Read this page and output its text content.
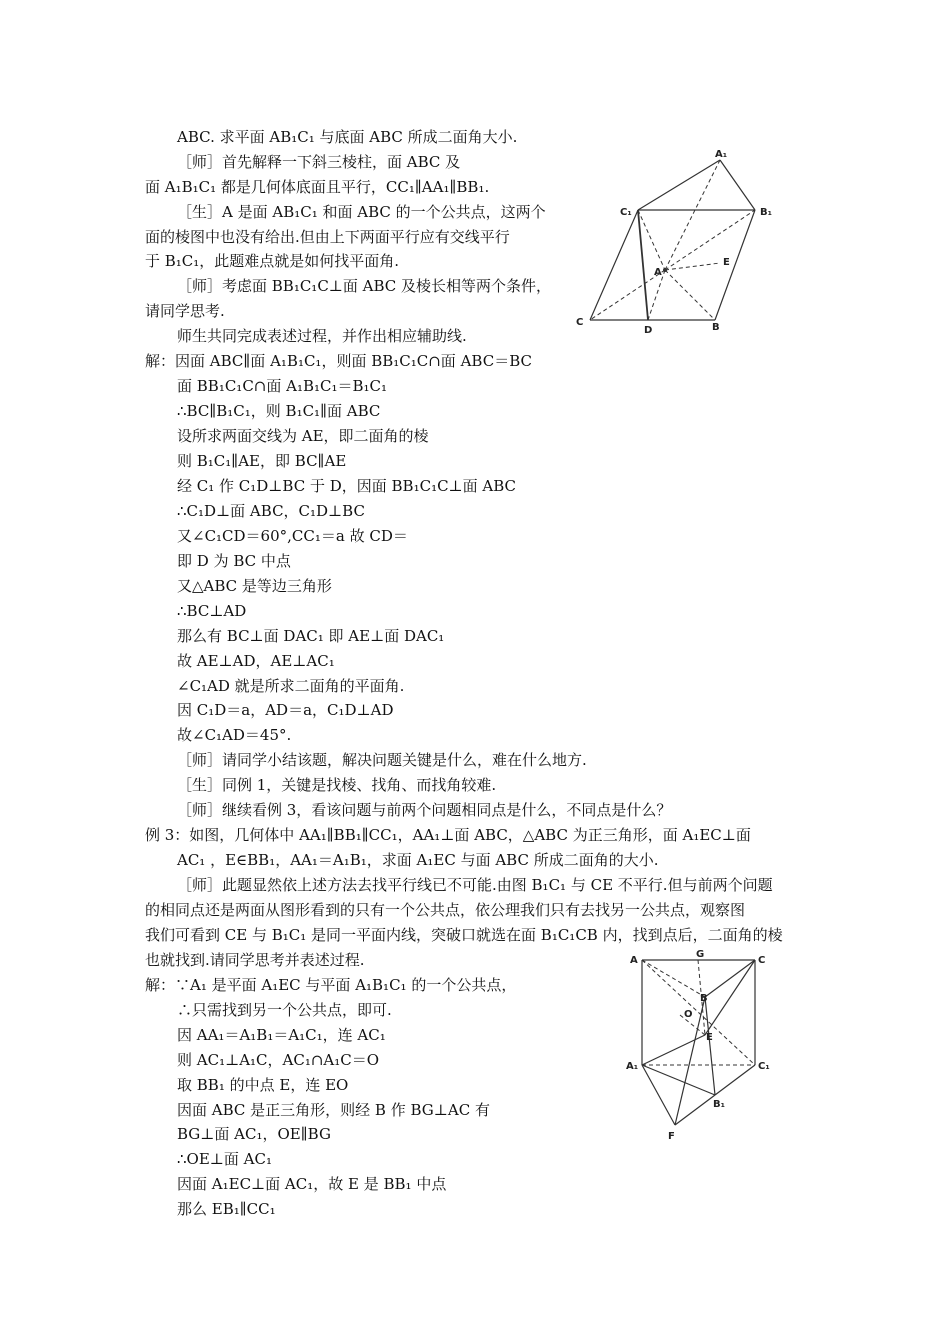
ABC. 求平面 AB₁C₁ 与底面 ABC 所成二面角大小.
［师］首先解释一下斜三棱柱，面 ABC 及
面 A₁B₁C₁ 都是几何体底面且平行，CC₁∥AA₁∥BB₁.
［生］A 是面 AB₁C₁ 和面 ABC 的一个公共点，这两个
面的棱图中也没有给出.但由上下两面平行应有交线平行
于 B₁C₁，此题难点就是如何找平面角.
［师］考虑面 BB₁C₁C⊥面 ABC 及棱长相等两个条件，
请同学思考.
师生共同完成表述过程，并作出相应辅助线.
解：因面 ABC∥面 A₁B₁C₁，则面 BB₁C₁C∩面 ABC＝BC
面 BB₁C₁C∩面 A₁B₁C₁＝B₁C₁
∴BC∥B₁C₁，则 B₁C₁∥面 ABC
设所求两面交线为 AE，即二面角的棱
则 B₁C₁∥AE，即 BC∥AE
经 C₁ 作 C₁D⊥BC 于 D，因面 BB₁C₁C⊥面 ABC
∴C₁D⊥面 ABC，C₁D⊥BC
又∠C₁CD＝60°,CC₁＝a 故 CD＝
即 D 为 BC 中点
又△ABC 是等边三角形
∴BC⊥AD
那么有 BC⊥面 DAC₁ 即 AE⊥面 DAC₁
故 AE⊥AD，AE⊥AC₁
∠C₁AD 就是所求二面角的平面角.
因 C₁D＝a，AD＝a，C₁D⊥AD
故∠C₁AD＝45°.
［师］请同学小结该题，解决问题关键是什么，难在什么地方.
［生］同例 1，关键是找棱、找角、而找角较难.
［师］继续看例 3，看该问题与前两个问题相同点是什么，不同点是什么？
例 3：如图，几何体中 AA₁∥BB₁∥CC₁，AA₁⊥面 ABC，△ABC 为正三角形，面 A₁EC⊥面
AC₁ ，E∈BB₁，AA₁＝A₁B₁，求面 A₁EC 与面 ABC 所成二面角的大小.
［师］此题显然依上述方法去找平行线已不可能.由图 B₁C₁ 与 CE 不平行.但与前两个问题
的相同点还是两面从图形看到的只有一个公共点，依公理我们只有去找另一公共点，观察图
我们可看到 CE 与 B₁C₁ 是同一平面内线，突破口就选在面 B₁C₁CB 内，找到点后，二面角的棱
也就找到.请同学思考并表述过程.
解：∵A₁ 是平面 A₁EC 与平面 A₁B₁C₁ 的一个公共点，
∴只需找到另一个公共点，即可.
因 AA₁＝A₁B₁＝A₁C₁，连 AC₁
则 AC₁⊥A₁C，AC₁∩A₁C＝O
取 BB₁ 的中点 E，连 EO
因面 ABC 是正三角形，则经 B 作 BG⊥AC 有
BG⊥面 AC₁，OE∥BG
∴OE⊥面 AC₁
因面 A₁EC⊥面 AC₁，故 E 是 BB₁ 中点
那么 EB₁∥CC₁
A₁
C₁	B₁
A
E
C
D	B
A
G
C
B
O
E
A₁	C₁
B₁
F
